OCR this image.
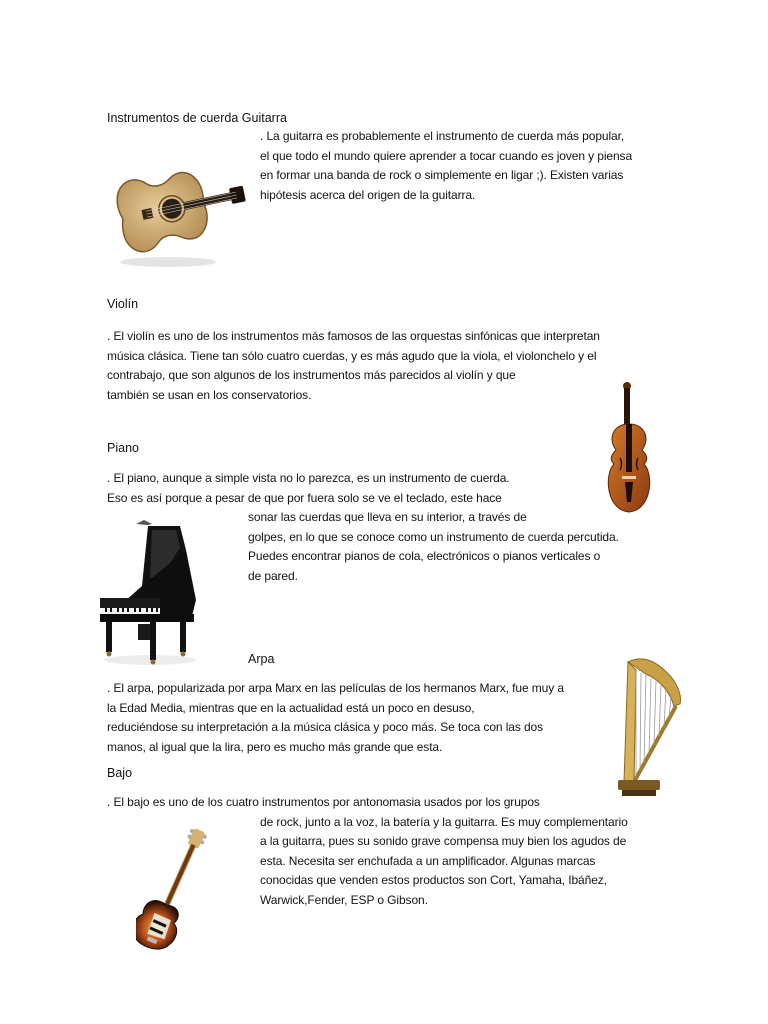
Instrumentos de cuerda Guitarra
. La guitarra es probablemente el instrumento de cuerda más popular,
el que todo el mundo quiere aprender a tocar cuando es joven y piensa
en formar una banda de rock o simplemente en ligar ;). Existen varias
hipótesis acerca del origen de la guitarra.
Violín
. El violín es uno de los instrumentos más famosos de las orquestas sinfónicas que interpretan
música clásica. Tiene tan sólo cuatro cuerdas, y es más agudo que la viola, el violonchelo y el
contrabajo, que son algunos de los instrumentos más parecidos al violín y que
también se usan en los conservatorios.
Piano
. El piano, aunque a simple vista no lo parezca, es un instrumento de cuerda.
Eso es así porque a pesar de que por fuera solo se ve el teclado, este hace
sonar las cuerdas que lleva en su interior, a través de
golpes, en lo que se conoce como un instrumento de cuerda percutida.
Puedes encontrar pianos de cola, electrónicos o pianos verticales o
de pared.
Arpa
. El arpa, popularizada por arpa Marx en las películas de los hermanos Marx, fue muy a
la Edad Media, mientras que en la actualidad está un poco en desuso,
reduciéndose su interpretación a la música clásica y poco más. Se toca con las dos
manos, al igual que la lira, pero es mucho más grande que esta.
Bajo
. El bajo es uno de los cuatro instrumentos por antonomasia usados por los grupos
de rock, junto a la voz, la batería y la guitarra. Es muy complementario
a la guitarra, pues su sonido grave compensa muy bien los agudos de
esta. Necesita ser enchufada a un amplificador. Algunas marcas
conocidas que venden estos productos son Cort, Yamaha, Ibáñez,
Warwick,Fender, ESP o Gibson.
